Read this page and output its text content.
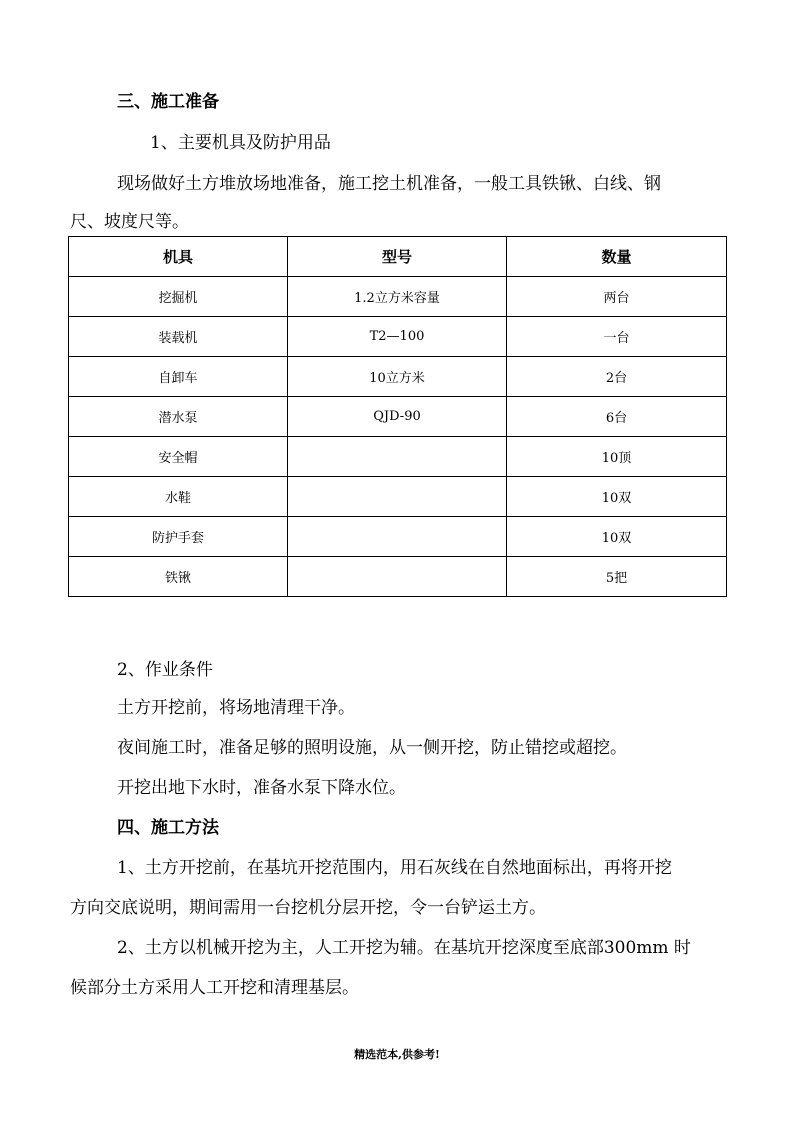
三、施工准备
1、主要机具及防护用品
现场做好土方堆放场地准备，施工挖土机准备，一般工具铁锹、白线、钢
尺、坡度尺等。
机具	型号	数量
挖掘机	1.2立方米容量	两台
装载机	T2—100	一台
自卸车	10立方米	2台
潜水泵	QJD-90	6台
安全帽		10顶
水鞋		10双
防护手套		10双
铁锹		5把
2、作业条件
土方开挖前，将场地清理干净。
夜间施工时，准备足够的照明设施，从一侧开挖，防止错挖或超挖。
开挖出地下水时，准备水泵下降水位。
四、施工方法
1、土方开挖前，在基坑开挖范围内，用石灰线在自然地面标出，再将开挖
方向交底说明，期间需用一台挖机分层开挖，令一台铲运土方。
2、土方以机械开挖为主，人工开挖为辅。在基坑开挖深度至底部300mm 时
候部分土方采用人工开挖和清理基层。
精选范本,供参考!
